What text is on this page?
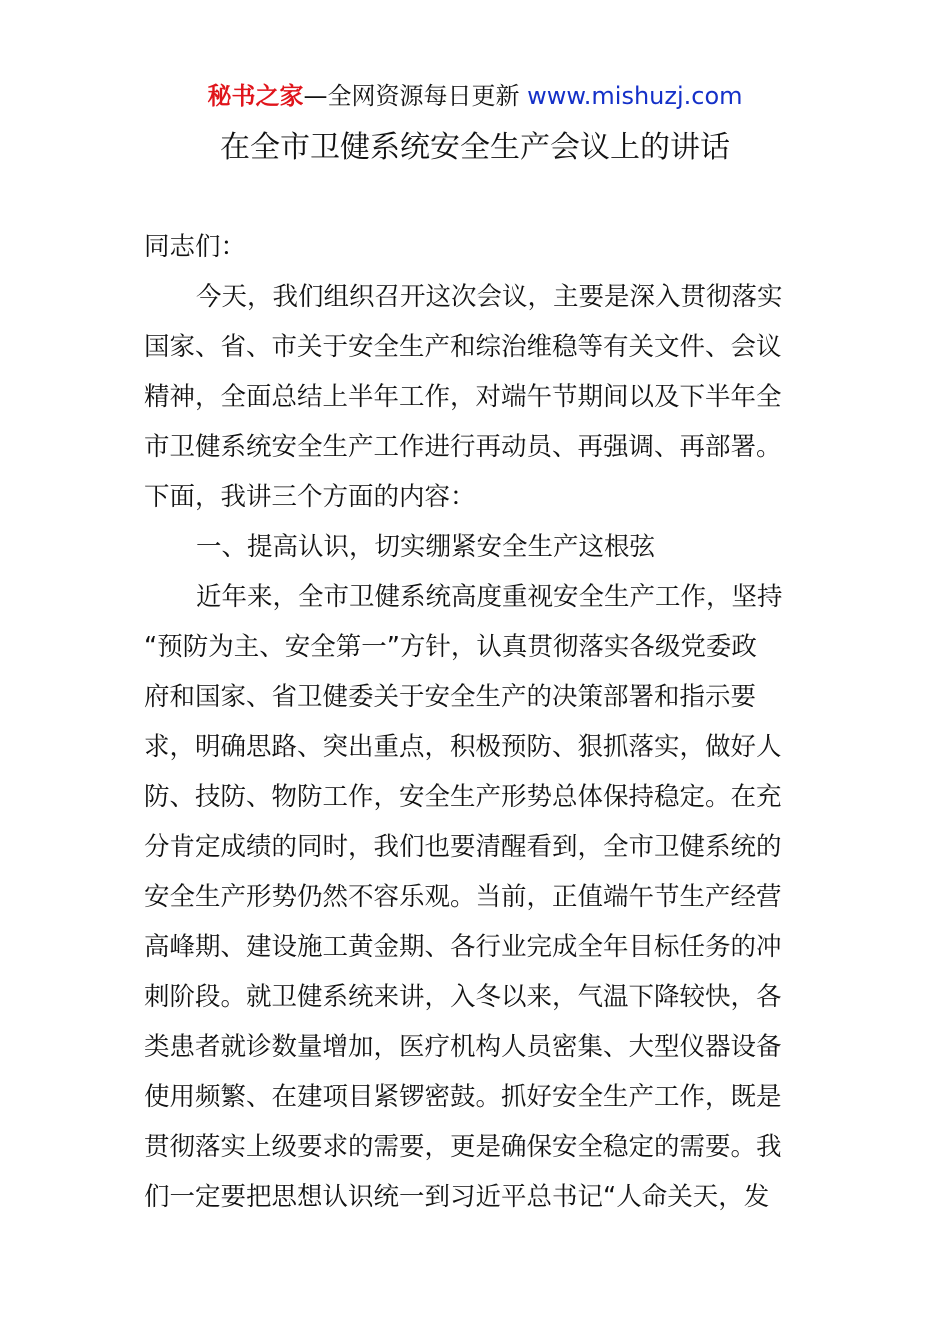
秘书之家—全网资源每日更新 www.mishuzj.com
在全市卫健系统安全生产会议上的讲话
同志们：
今天，我们组织召开这次会议，主要是深入贯彻落实
国家、省、市关于安全生产和综治维稳等有关文件、会议
精神，全面总结上半年工作，对端午节期间以及下半年全
市卫健系统安全生产工作进行再动员、再强调、再部署。
下面，我讲三个方面的内容：
一、提高认识，切实绷紧安全生产这根弦
近年来，全市卫健系统高度重视安全生产工作，坚持
“预防为主、安全第一”方针，认真贯彻落实各级党委政
府和国家、省卫健委关于安全生产的决策部署和指示要
求，明确思路、突出重点，积极预防、狠抓落实，做好人
防、技防、物防工作，安全生产形势总体保持稳定。在充
分肯定成绩的同时，我们也要清醒看到，全市卫健系统的
安全生产形势仍然不容乐观。当前，正值端午节生产经营
高峰期、建设施工黄金期、各行业完成全年目标任务的冲
刺阶段。就卫健系统来讲，入冬以来，气温下降较快，各
类患者就诊数量增加，医疗机构人员密集、大型仪器设备
使用频繁、在建项目紧锣密鼓。抓好安全生产工作，既是
贯彻落实上级要求的需要，更是确保安全稳定的需要。我
们一定要把思想认识统一到习近平总书记“人命关天，发
